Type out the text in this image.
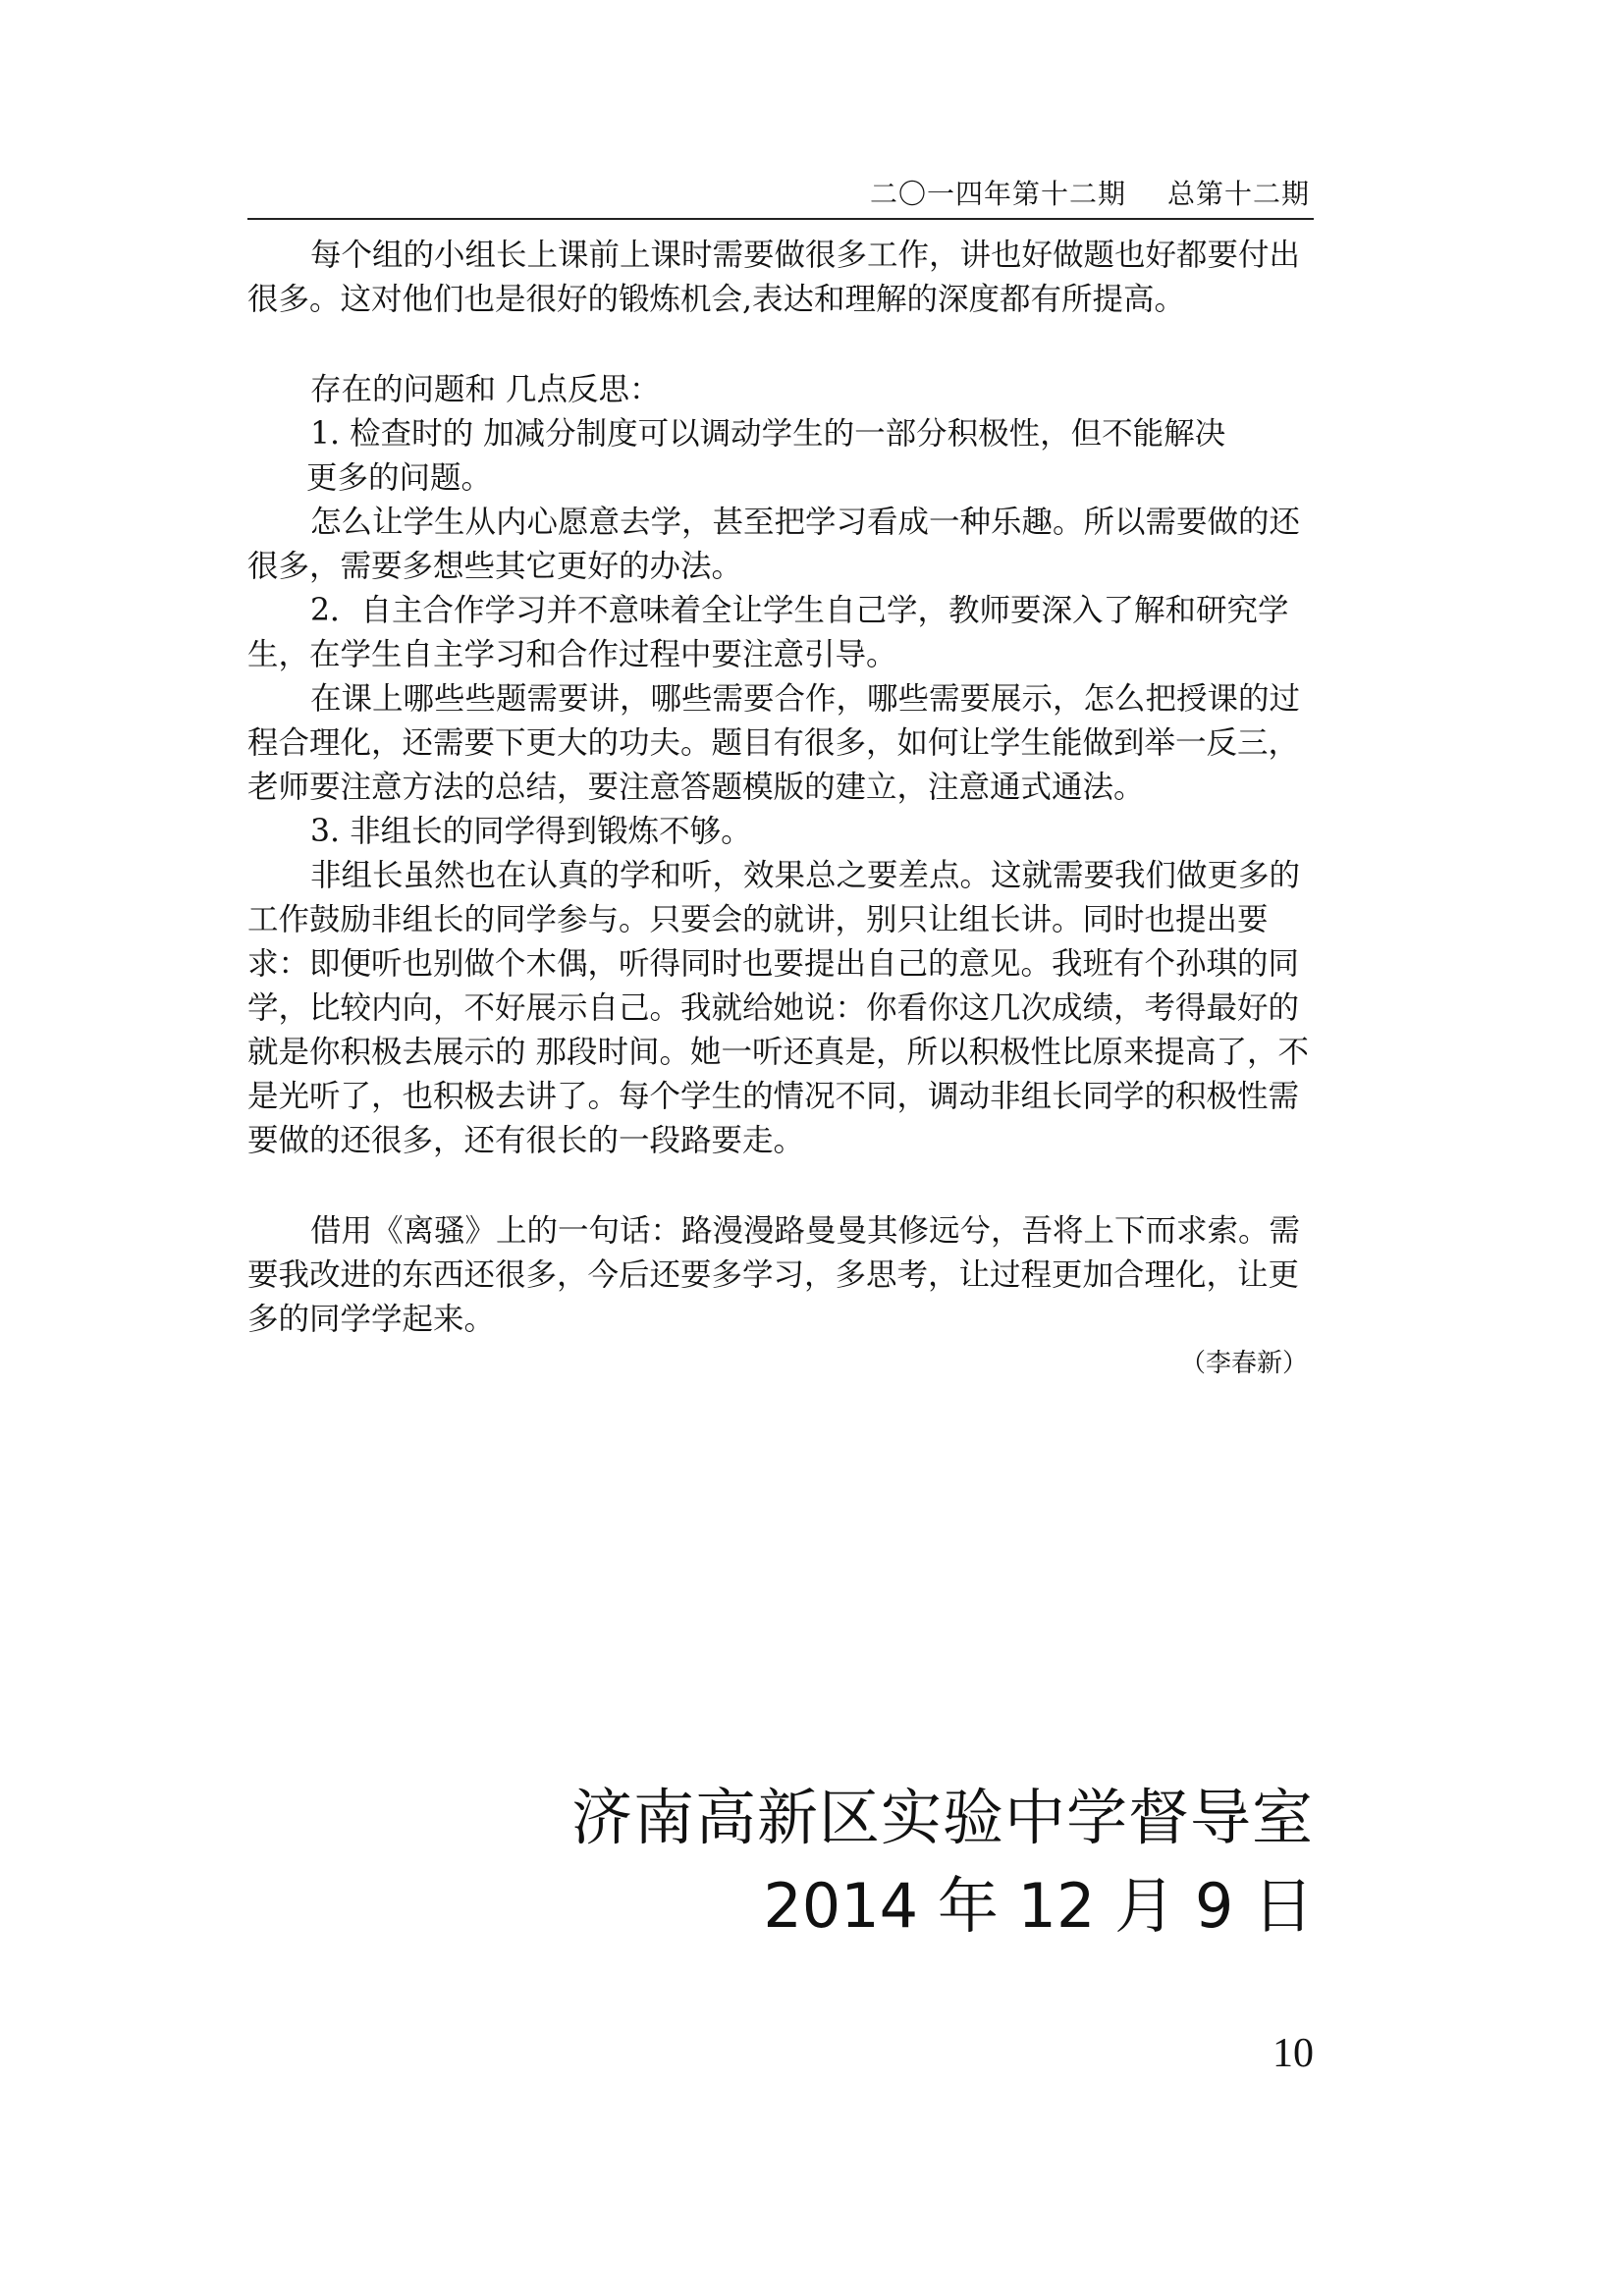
二〇一四年第十二期 总第十二期

每个组的小组长上课前上课时需要做很多工作，讲也好做题也好都要付出很多。这对他们也是很好的锻炼机会,表达和理解的深度都有所提高。

存在的问题和 几点反思：

1. 检查时的 加减分制度可以调动学生的一部分积极性，但不能解决

更多的问题。

怎么让学生从内心愿意去学，甚至把学习看成一种乐趣。所以需要做的还很多，需要多想些其它更好的办法。

2．自主合作学习并不意味着全让学生自己学，教师要深入了解和研究学生，在学生自主学习和合作过程中要注意引导。

在课上哪些些题需要讲，哪些需要合作，哪些需要展示，怎么把授课的过程合理化，还需要下更大的功夫。题目有很多，如何让学生能做到举一反三，老师要注意方法的总结，要注意答题模版的建立，注意通式通法。

3. 非组长的同学得到锻炼不够。

非组长虽然也在认真的学和听，效果总之要差点。这就需要我们做更多的工作鼓励非组长的同学参与。只要会的就讲，别只让组长讲。同时也提出要求：即便听也别做个木偶，听得同时也要提出自己的意见。我班有个孙琪的同学，比较内向，不好展示自己。我就给她说：你看你这几次成绩，考得最好的就是你积极去展示的 那段时间。她一听还真是，所以积极性比原来提高了，不是光听了，也积极去讲了。每个学生的情况不同，调动非组长同学的积极性需要做的还很多，还有很长的一段路要走。

借用《离骚》上的一句话：路漫漫路曼曼其修远兮，吾将上下而求索。需要我改进的东西还很多，今后还要多学习，多思考，让过程更加合理化，让更多的同学学起来。

（李春新）

济南高新区实验中学督导室
2014 年 12 月 9 日
10
